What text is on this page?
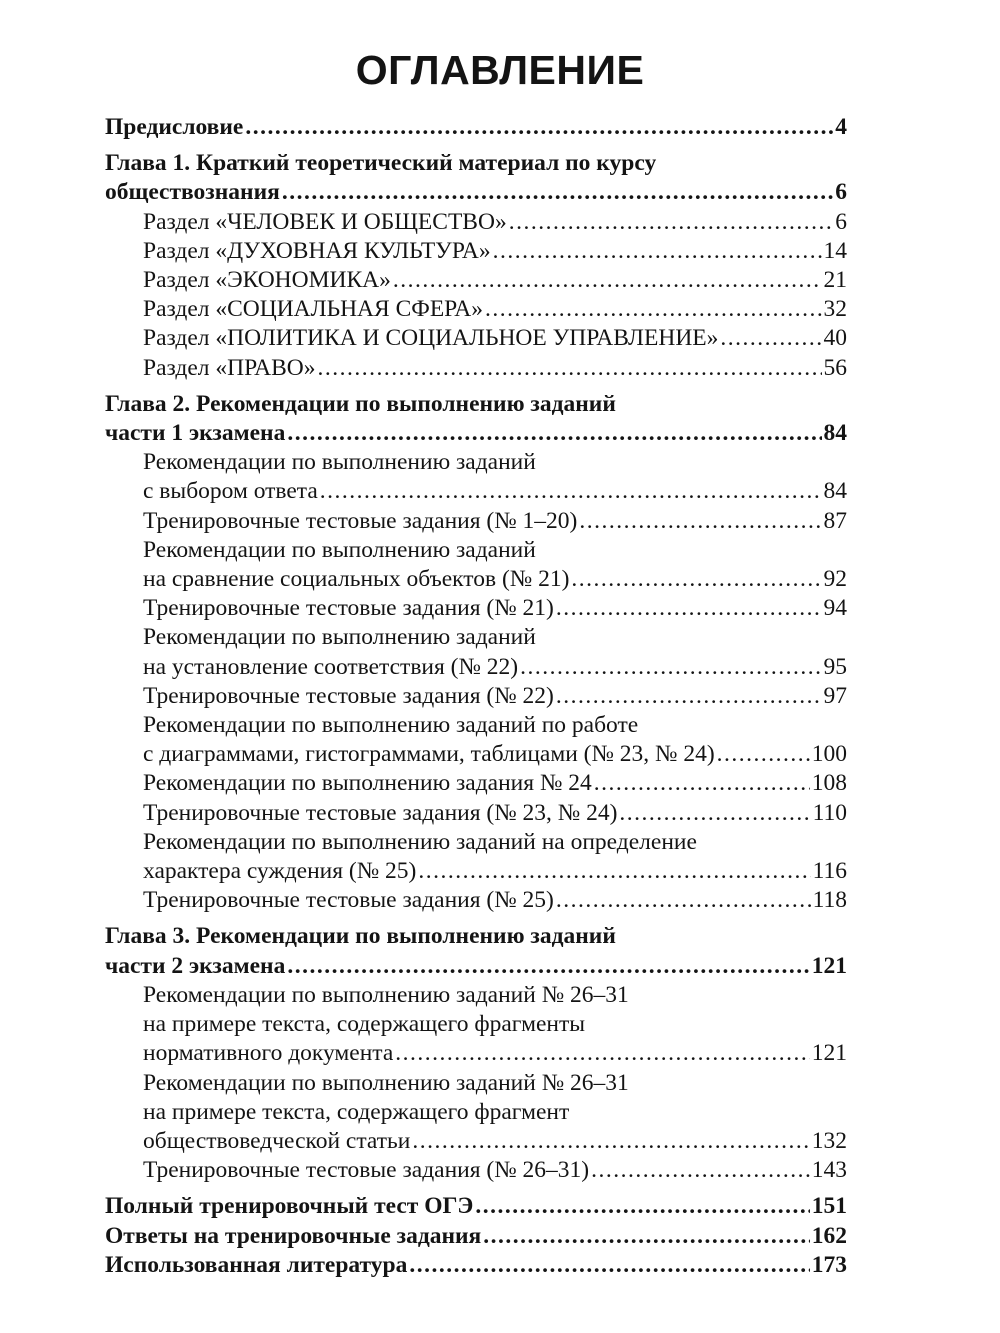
ОГЛАВЛЕНИЕ
Предисловие .....	4
Глава 1. Краткий теоретический материал по курсу
обществознания .....	6
Раздел «ЧЕЛОВЕК И ОБЩЕСТВО» .....	6
Раздел «ДУХОВНАЯ КУЛЬТУРА» .....	14
Раздел «ЭКОНОМИКА» .....	21
Раздел «СОЦИАЛЬНАЯ СФЕРА» .....	32
Раздел «ПОЛИТИКА И СОЦИАЛЬНОЕ УПРАВЛЕНИЕ» .....	40
Раздел «ПРАВО» .....	56
Глава 2. Рекомендации по выполнению заданий
части 1 экзамена .....	84
Рекомендации по выполнению заданий
с выбором ответа .....	84
Тренировочные тестовые задания (№ 1–20) .....	87
Рекомендации по выполнению заданий
на сравнение социальных объектов (№ 21) .....	92
Тренировочные тестовые задания (№ 21) .....	94
Рекомендации по выполнению заданий
на установление соответствия (№ 22) .....	95
Тренировочные тестовые задания (№ 22) .....	97
Рекомендации по выполнению заданий по работе
с диаграммами, гистограммами, таблицами (№ 23, № 24) .....	100
Рекомендации по выполнению задания № 24 .....	108
Тренировочные тестовые задания (№ 23, № 24) .....	110
Рекомендации по выполнению заданий на определение
характера суждения (№ 25) .....	116
Тренировочные тестовые задания (№ 25) .....	118
Глава 3. Рекомендации по выполнению заданий
части 2 экзамена .....	121
Рекомендации по выполнению заданий № 26–31
на примере текста, содержащего фрагменты
нормативного документа .....	121
Рекомендации по выполнению заданий № 26–31
на примере текста, содержащего фрагмент
обществоведческой статьи .....	132
Тренировочные тестовые задания (№ 26–31) .....	143
Полный тренировочный тест ОГЭ .....	151
Ответы на тренировочные задания .....	162
Использованная литература .....	173
